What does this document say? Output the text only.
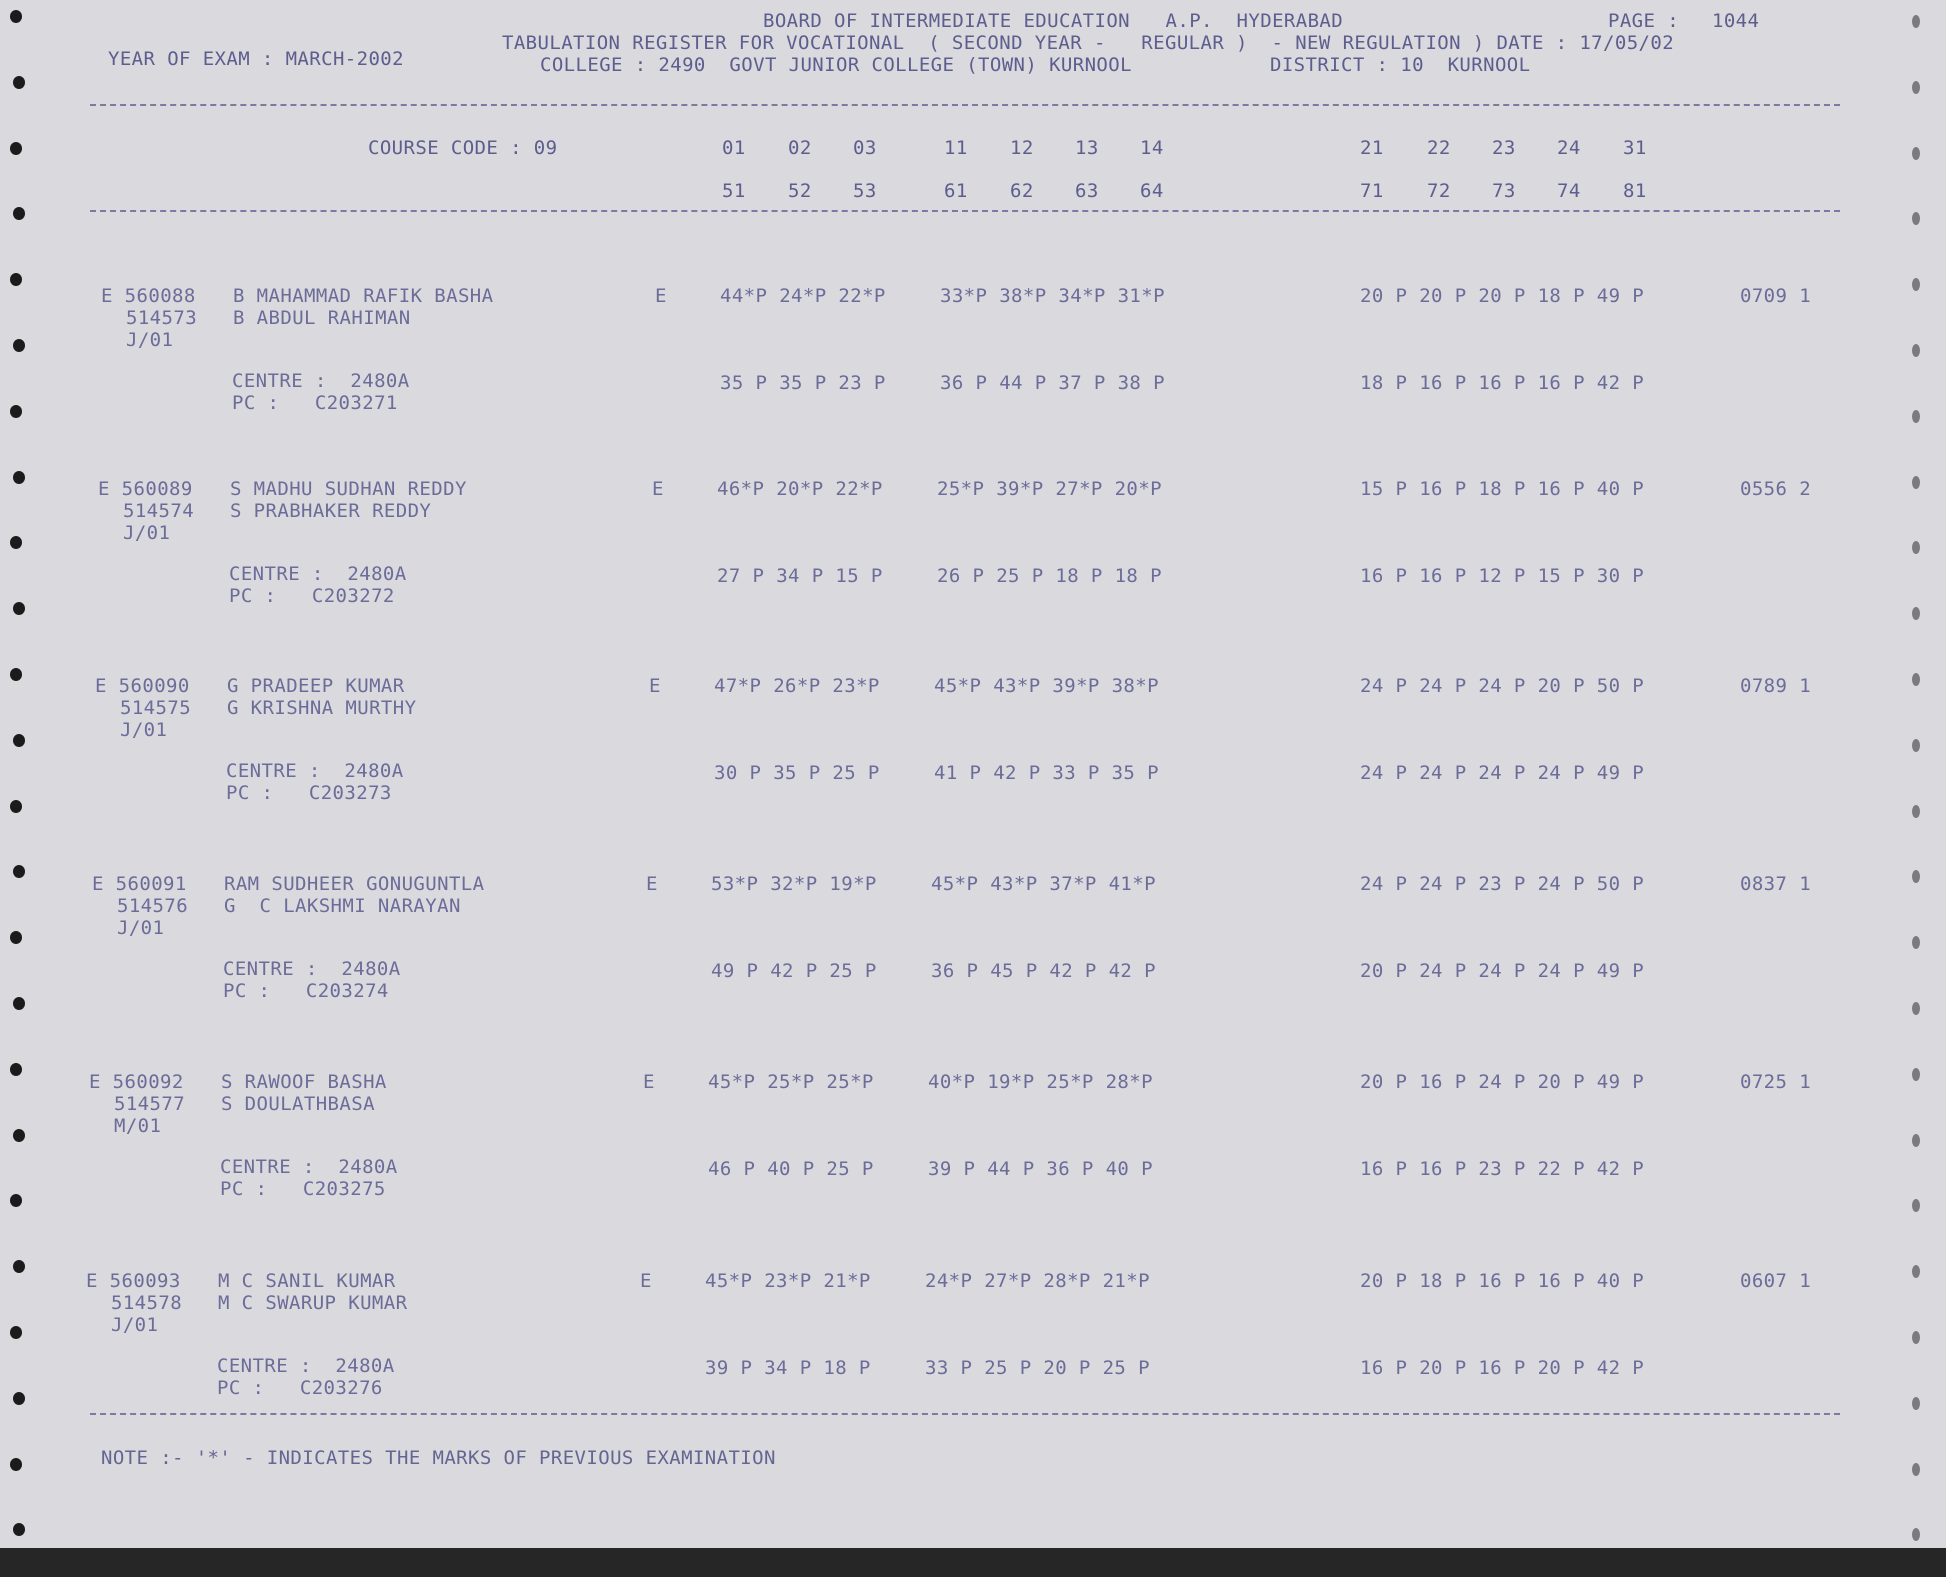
BOARD OF INTERMEDIATE EDUCATION   A.P.  HYDERABAD	PAGE : 1044
TABULATION REGISTER FOR VOCATIONAL  ( SECOND YEAR -   REGULAR )  - NEW REGULATION ) DATE : 17/05/02
YEAR OF EXAM : MARCH-2002	COLLEGE : 2490  GOVT JUNIOR COLLEGE (TOWN) KURNOOL	DISTRICT : 10  KURNOOL
COURSE CODE : 09	01 02 03	11 12 13 14	21 22 23 24 31
51 52 53	61 62 63 64	71 72 73 74 81
E 560088
514573
J/01
B MAHAMMAD RAFIK BASHA
B ABDUL RAHIMAN
E	44*P 24*P 22*P	33*P 38*P 34*P 31*P	20 P 20 P 20 P 18 P 49 P	0709 1
CENTRE :  2480A
PC :   C203271
35 P 35 P 23 P	36 P 44 P 37 P 38 P	18 P 16 P 16 P 16 P 42 P
E 560089
514574
J/01
S MADHU SUDHAN REDDY
S PRABHAKER REDDY
E	46*P 20*P 22*P	25*P 39*P 27*P 20*P	15 P 16 P 18 P 16 P 40 P	0556 2
CENTRE :  2480A
PC :   C203272
27 P 34 P 15 P	26 P 25 P 18 P 18 P	16 P 16 P 12 P 15 P 30 P
E 560090
514575
J/01
G PRADEEP KUMAR
G KRISHNA MURTHY
E	47*P 26*P 23*P	45*P 43*P 39*P 38*P	24 P 24 P 24 P 20 P 50 P	0789 1
CENTRE :  2480A
PC :   C203273
30 P 35 P 25 P	41 P 42 P 33 P 35 P	24 P 24 P 24 P 24 P 49 P
E 560091
514576
J/01
RAM SUDHEER GONUGUNTLA
G  C LAKSHMI NARAYAN
E	53*P 32*P 19*P	45*P 43*P 37*P 41*P	24 P 24 P 23 P 24 P 50 P	0837 1
CENTRE :  2480A
PC :   C203274
49 P 42 P 25 P	36 P 45 P 42 P 42 P	20 P 24 P 24 P 24 P 49 P
E 560092
514577
M/01
S RAWOOF BASHA
S DOULATHBASA
E	45*P 25*P 25*P	40*P 19*P 25*P 28*P	20 P 16 P 24 P 20 P 49 P	0725 1
CENTRE :  2480A
PC :   C203275
46 P 40 P 25 P	39 P 44 P 36 P 40 P	16 P 16 P 23 P 22 P 42 P
E 560093
514578
J/01
M C SANIL KUMAR
M C SWARUP KUMAR
E	45*P 23*P 21*P	24*P 27*P 28*P 21*P	20 P 18 P 16 P 16 P 40 P	0607 1
CENTRE :  2480A
PC :   C203276
39 P 34 P 18 P	33 P 25 P 20 P 25 P	16 P 20 P 16 P 20 P 42 P
NOTE :- '*' - INDICATES THE MARKS OF PREVIOUS EXAMINATION
